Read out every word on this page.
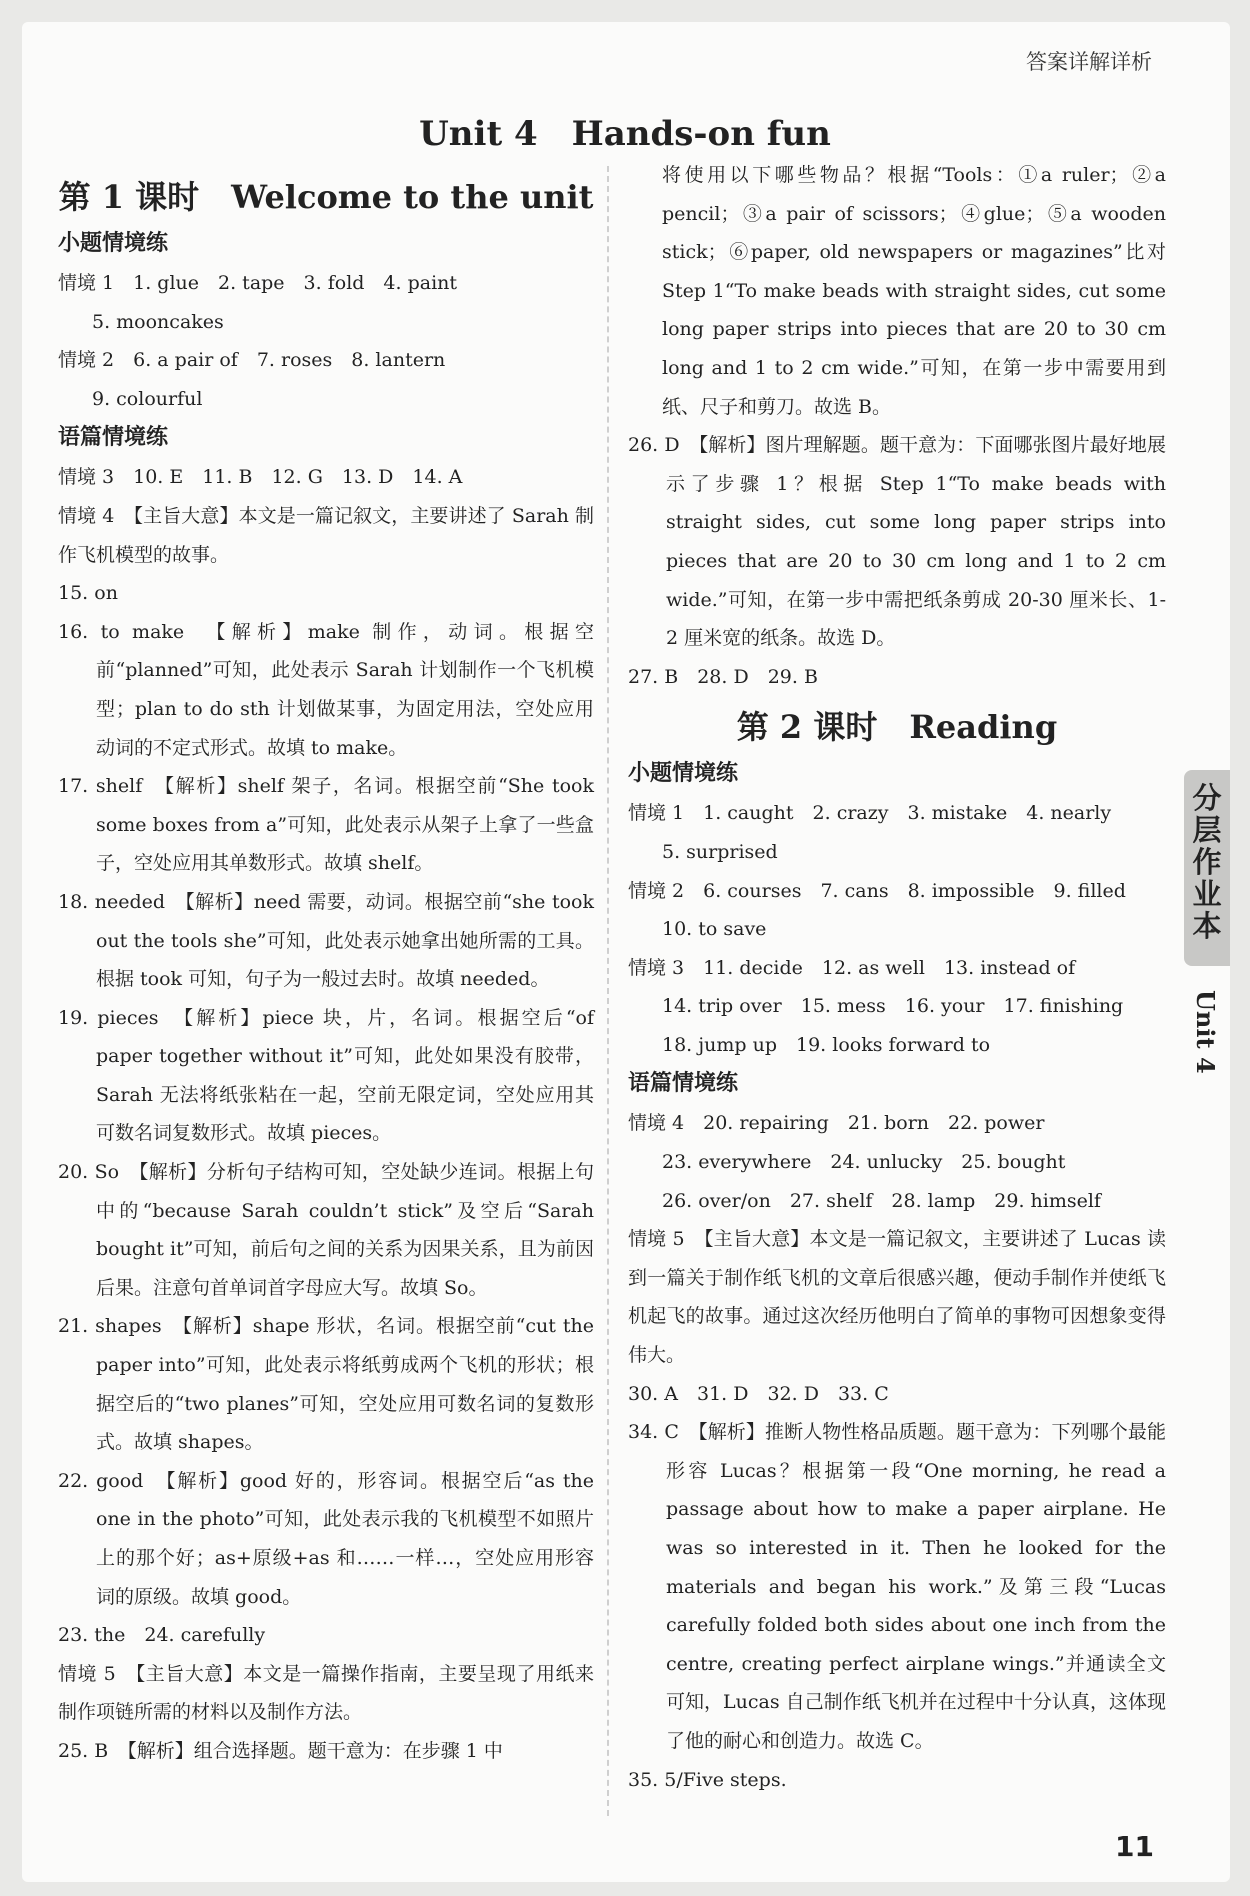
答案详解详析
Unit 4　Hands-on fun
第 1 课时　Welcome to the unit
小题情境练
情境 1　1. glue　2. tape　3. fold　4. paint
5. mooncakes
情境 2　6. a pair of　7. roses　8. lantern
9. colourful
语篇情境练
情境 3　10. E　11. B　12. G　13. D　14. A
情境 4　【主旨大意】本文是一篇记叙文，主要讲述了 Sarah 制作飞机模型的故事。
15. on
16. to make　【解析】make 制作，动词。根据空前“planned”可知，此处表示 Sarah 计划制作一个飞机模型；plan to do sth 计划做某事，为固定用法，空处应用动词的不定式形式。故填 to make。
17. shelf　【解析】shelf 架子，名词。根据空前“She took some boxes from a”可知，此处表示从架子上拿了一些盒子，空处应用其单数形式。故填 shelf。
18. needed　【解析】need 需要，动词。根据空前“she took out the tools she”可知，此处表示她拿出她所需的工具。根据 took 可知，句子为一般过去时。故填 needed。
19. pieces　【解析】piece 块，片，名词。根据空后“of paper together without it”可知，此处如果没有胶带，Sarah 无法将纸张粘在一起，空前无限定词，空处应用其可数名词复数形式。故填 pieces。
20. So　【解析】分析句子结构可知，空处缺少连词。根据上句中的“because Sarah couldn’t stick”及空后“Sarah bought it”可知，前后句之间的关系为因果关系，且为前因后果。注意句首单词首字母应大写。故填 So。
21. shapes　【解析】shape 形状，名词。根据空前“cut the paper into”可知，此处表示将纸剪成两个飞机的形状；根据空后的“two planes”可知，空处应用可数名词的复数形式。故填 shapes。
22. good　【解析】good 好的，形容词。根据空后“as the one in the photo”可知，此处表示我的飞机模型不如照片上的那个好；as+原级+as 和……一样…，空处应用形容词的原级。故填 good。
23. the　24. carefully
情境 5　【主旨大意】本文是一篇操作指南，主要呈现了用纸来制作项链所需的材料以及制作方法。
25. B　【解析】组合选择题。题干意为：在步骤 1 中
将使用以下哪些物品？根据“Tools：①a ruler；②a pencil；③a pair of scissors；④glue；⑤a wooden stick；⑥paper, old newspapers or magazines”比对 Step 1“To make beads with straight sides, cut some long paper strips into pieces that are 20 to 30 cm long and 1 to 2 cm wide.”可知，在第一步中需要用到纸、尺子和剪刀。故选 B。
26. D　【解析】图片理解题。题干意为：下面哪张图片最好地展示了步骤 1？根据 Step 1“To make beads with straight sides, cut some long paper strips into pieces that are 20 to 30 cm long and 1 to 2 cm wide.”可知，在第一步中需把纸条剪成 20-30 厘米长、1-2 厘米宽的纸条。故选 D。
27. B　28. D　29. B
第 2 课时　Reading
小题情境练
情境 1　1. caught　2. crazy　3. mistake　4. nearly
5. surprised
情境 2　6. courses　7. cans　8. impossible　9. filled
10. to save
情境 3　11. decide　12. as well　13. instead of
14. trip over　15. mess　16. your　17. finishing
18. jump up　19. looks forward to
语篇情境练
情境 4　20. repairing　21. born　22. power
23. everywhere　24. unlucky　25. bought
26. over/on　27. shelf　28. lamp　29. himself
情境 5　【主旨大意】本文是一篇记叙文，主要讲述了 Lucas 读到一篇关于制作纸飞机的文章后很感兴趣，便动手制作并使纸飞机起飞的故事。通过这次经历他明白了简单的事物可因想象变得伟大。
30. A　31. D　32. D　33. C
34. C　【解析】推断人物性格品质题。题干意为：下列哪个最能形容 Lucas？根据第一段“One morning, he read a passage about how to make a paper airplane. He was so interested in it. Then he looked for the materials and began his work.”及第三段“Lucas carefully folded both sides about one inch from the centre, creating perfect airplane wings.”并通读全文可知，Lucas 自己制作纸飞机并在过程中十分认真，这体现了他的耐心和创造力。故选 C。
35. 5/Five steps.
分层作业本
Unit 4
11
